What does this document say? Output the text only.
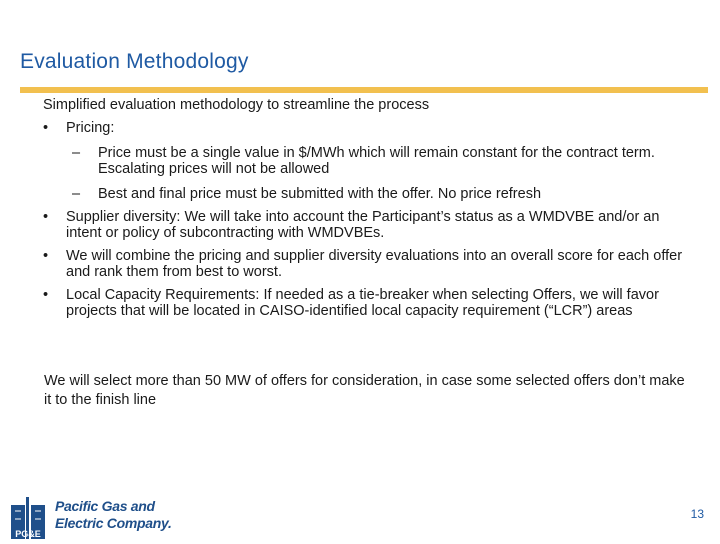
Evaluation Methodology
Simplified evaluation methodology to streamline the process
•	Pricing:
–	Price must be a single value in $/MWh which will remain constant for the contract term. Escalating prices will not be allowed
–	Best and final price must be submitted with the offer. No price refresh
•	Supplier diversity: We will take into account the Participant’s status as a WMDVBE and/or an intent or policy of subcontracting with WMDVBEs.
•	We will combine the pricing and supplier diversity evaluations into an overall score for each offer and rank them from best to worst.
•	Local Capacity Requirements: If needed as a tie-breaker when selecting Offers, we will favor projects that will be located in CAISO-identified local capacity requirement (“LCR”) areas
We will select more than 50 MW of offers for consideration, in case some selected offers don’t make it to the finish line
PG&E
Pacific Gas and
Electric Company.
13
